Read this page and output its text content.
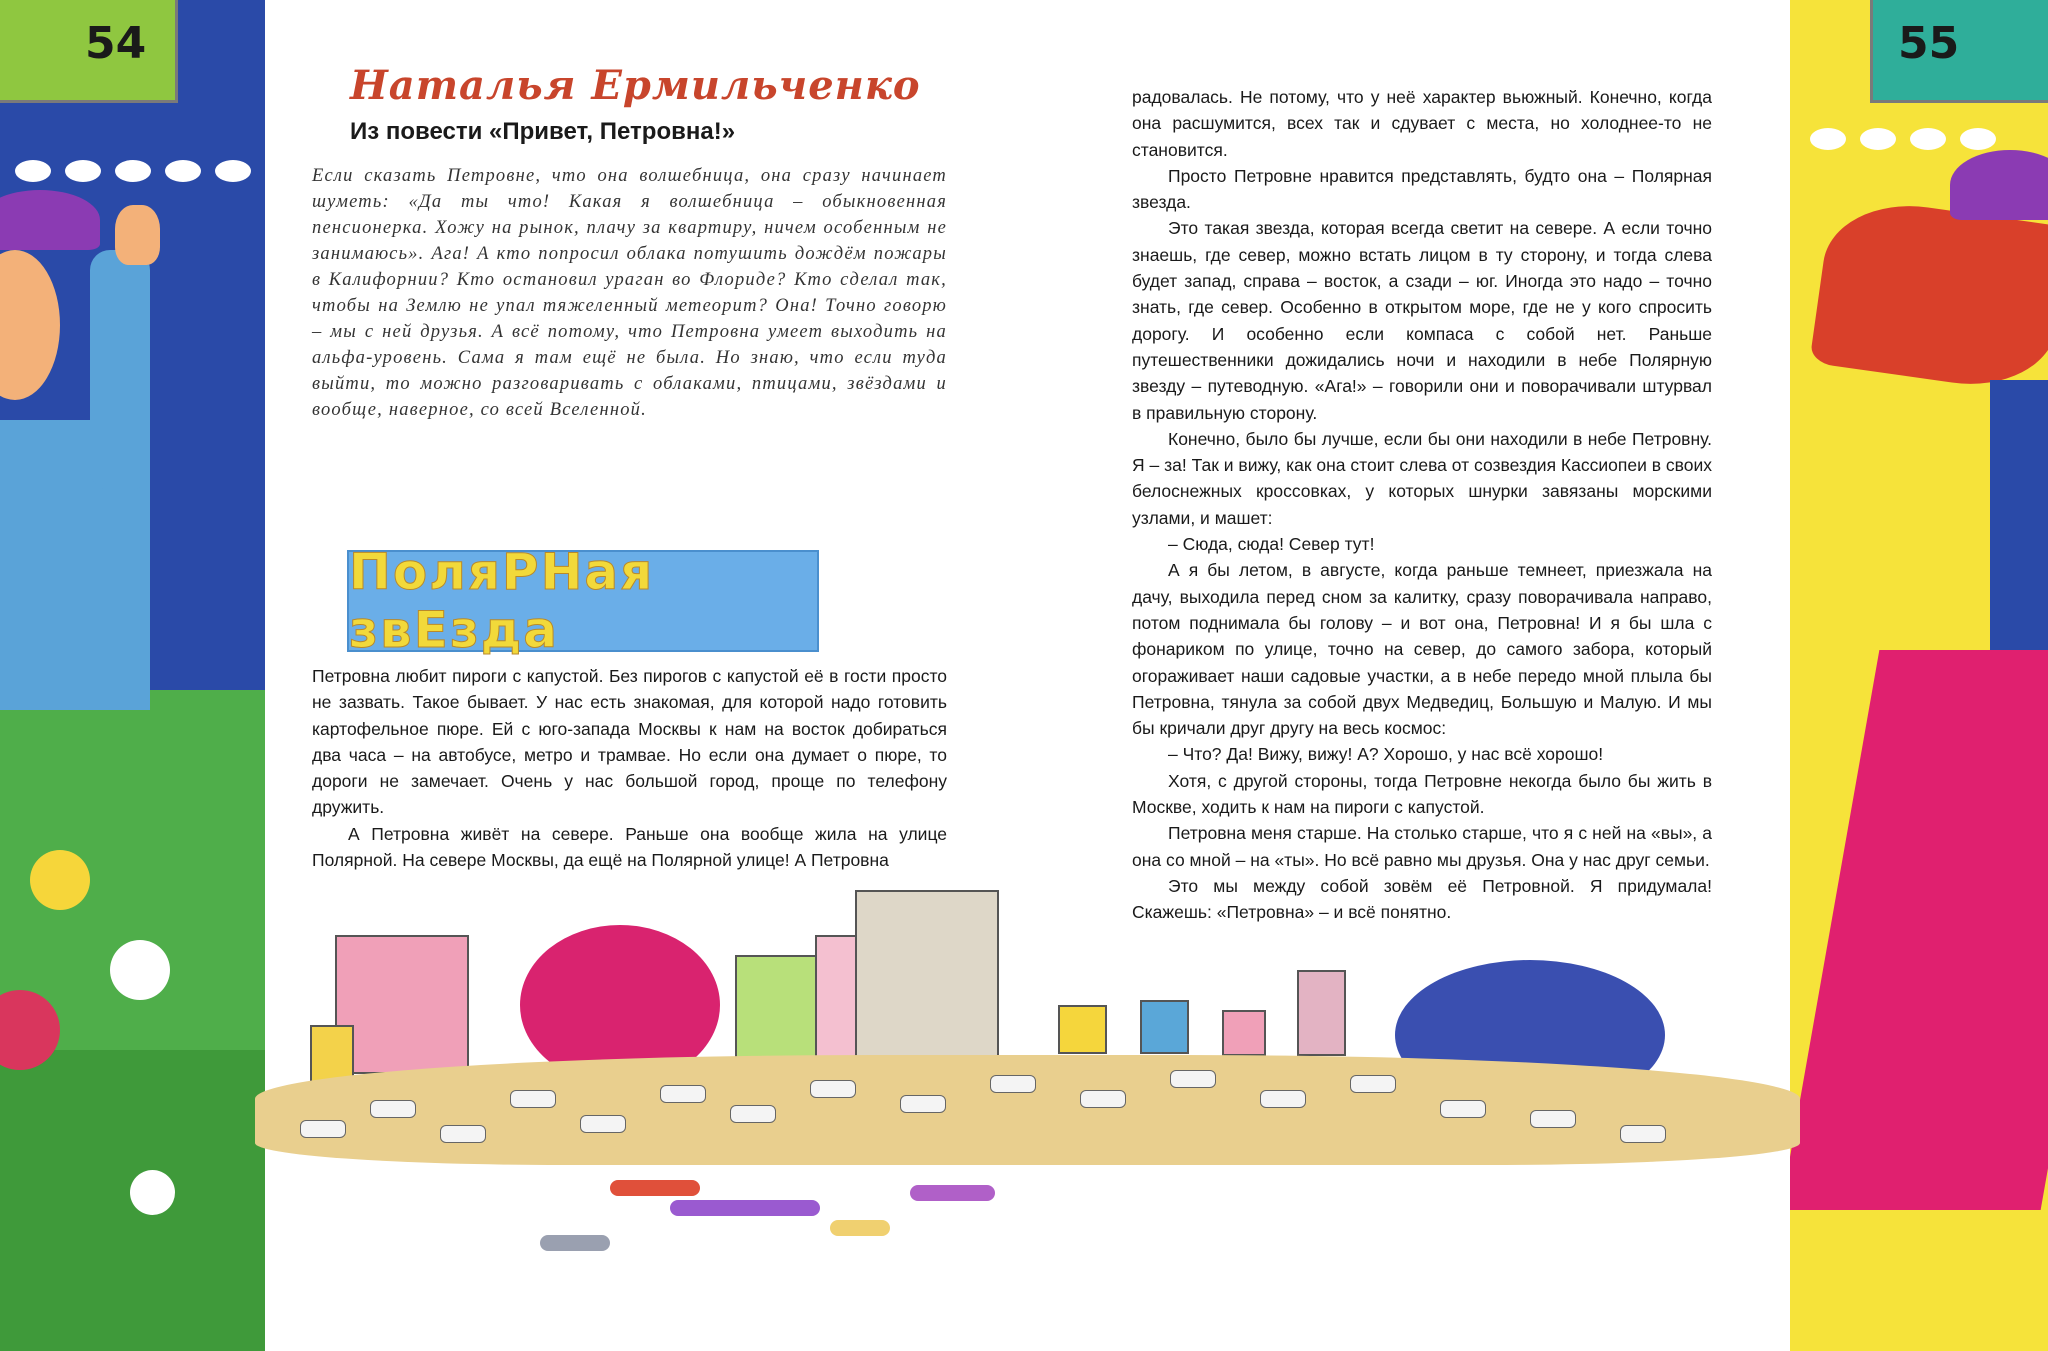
54	55
Наталья Ермильченко
Из повести «Привет, Петровна!»

Если сказать Петровне, что она волшебница, она сразу начинает шуметь: «Да ты что! Какая я волшебница – обыкновенная пенсионерка. Хожу на рынок, плачу за квартиру, ничем особенным не занимаюсь». Ага! А кто попросил облака потушить дождём пожары в Калифорнии? Кто остановил ураган во Флориде? Кто сделал так, чтобы на Землю не упал тяжеленный метеорит? Она! Точно говорю – мы с ней друзья. А всё потому, что Петровна умеет выходить на альфа-уровень. Сама я там ещё не была. Но знаю, что если туда выйти, то можно разговаривать с облаками, птицами, звёздами и вообще, наверное, со всей Вселенной.

ПоляРНая звЕзда

Петровна любит пироги с капустой. Без пирогов с капустой её в гости просто не зазвать. Такое бывает. У нас есть знакомая, для которой надо готовить картофельное пюре. Ей с юго-запада Москвы к нам на восток добираться два часа – на автобусе, метро и трамвае. Но если она думает о пюре, то дороги не замечает. Очень у нас большой город, проще по телефону дружить.

А Петровна живёт на севере. Раньше она вообще жила на улице Полярной. На севере Москвы, да ещё на Полярной улице! А Петровна

радовалась. Не потому, что у неё характер вьюжный. Конечно, когда она расшумится, всех так и сдувает с места, но холоднее-то не становится.

Просто Петровне нравится представлять, будто она – Полярная звезда.

Это такая звезда, которая всегда светит на севере. А если точно знаешь, где север, можно встать лицом в ту сторону, и тогда слева будет запад, справа – восток, а сзади – юг. Иногда это надо – точно знать, где север. Особенно в открытом море, где не у кого спросить дорогу. И особенно если компаса с собой нет. Раньше путешественники дожидались ночи и находили в небе Полярную звезду – путеводную. «Ага!» – говорили они и поворачивали штурвал в правильную сторону.

Конечно, было бы лучше, если бы они находили в небе Петровну. Я – за! Так и вижу, как она стоит слева от созвездия Кассиопеи в своих белоснежных кроссовках, у которых шнурки завязаны морскими узлами, и машет:

– Сюда, сюда! Север тут!

А я бы летом, в августе, когда раньше темнеет, приезжала на дачу, выходила перед сном за калитку, сразу поворачивала направо, потом поднимала бы голову – и вот она, Петровна! И я бы шла с фонариком по улице, точно на север, до самого забора, который огораживает наши садовые участки, а в небе передо мной плыла бы Петровна, тянула за собой двух Медведиц, Большую и Малую. И мы бы кричали друг другу на весь космос:

– Что? Да! Вижу, вижу! А? Хорошо, у нас всё хорошо!

Хотя, с другой стороны, тогда Петровне некогда было бы жить в Москве, ходить к нам на пироги с капустой.

Петровна меня старше. На столько старше, что я с ней на «вы», а она со мной – на «ты». Но всё равно мы друзья. Она у нас друг семьи.

Это мы между собой зовём её Петровной. Я придумала! Скажешь: «Петровна» – и всё понятно.
